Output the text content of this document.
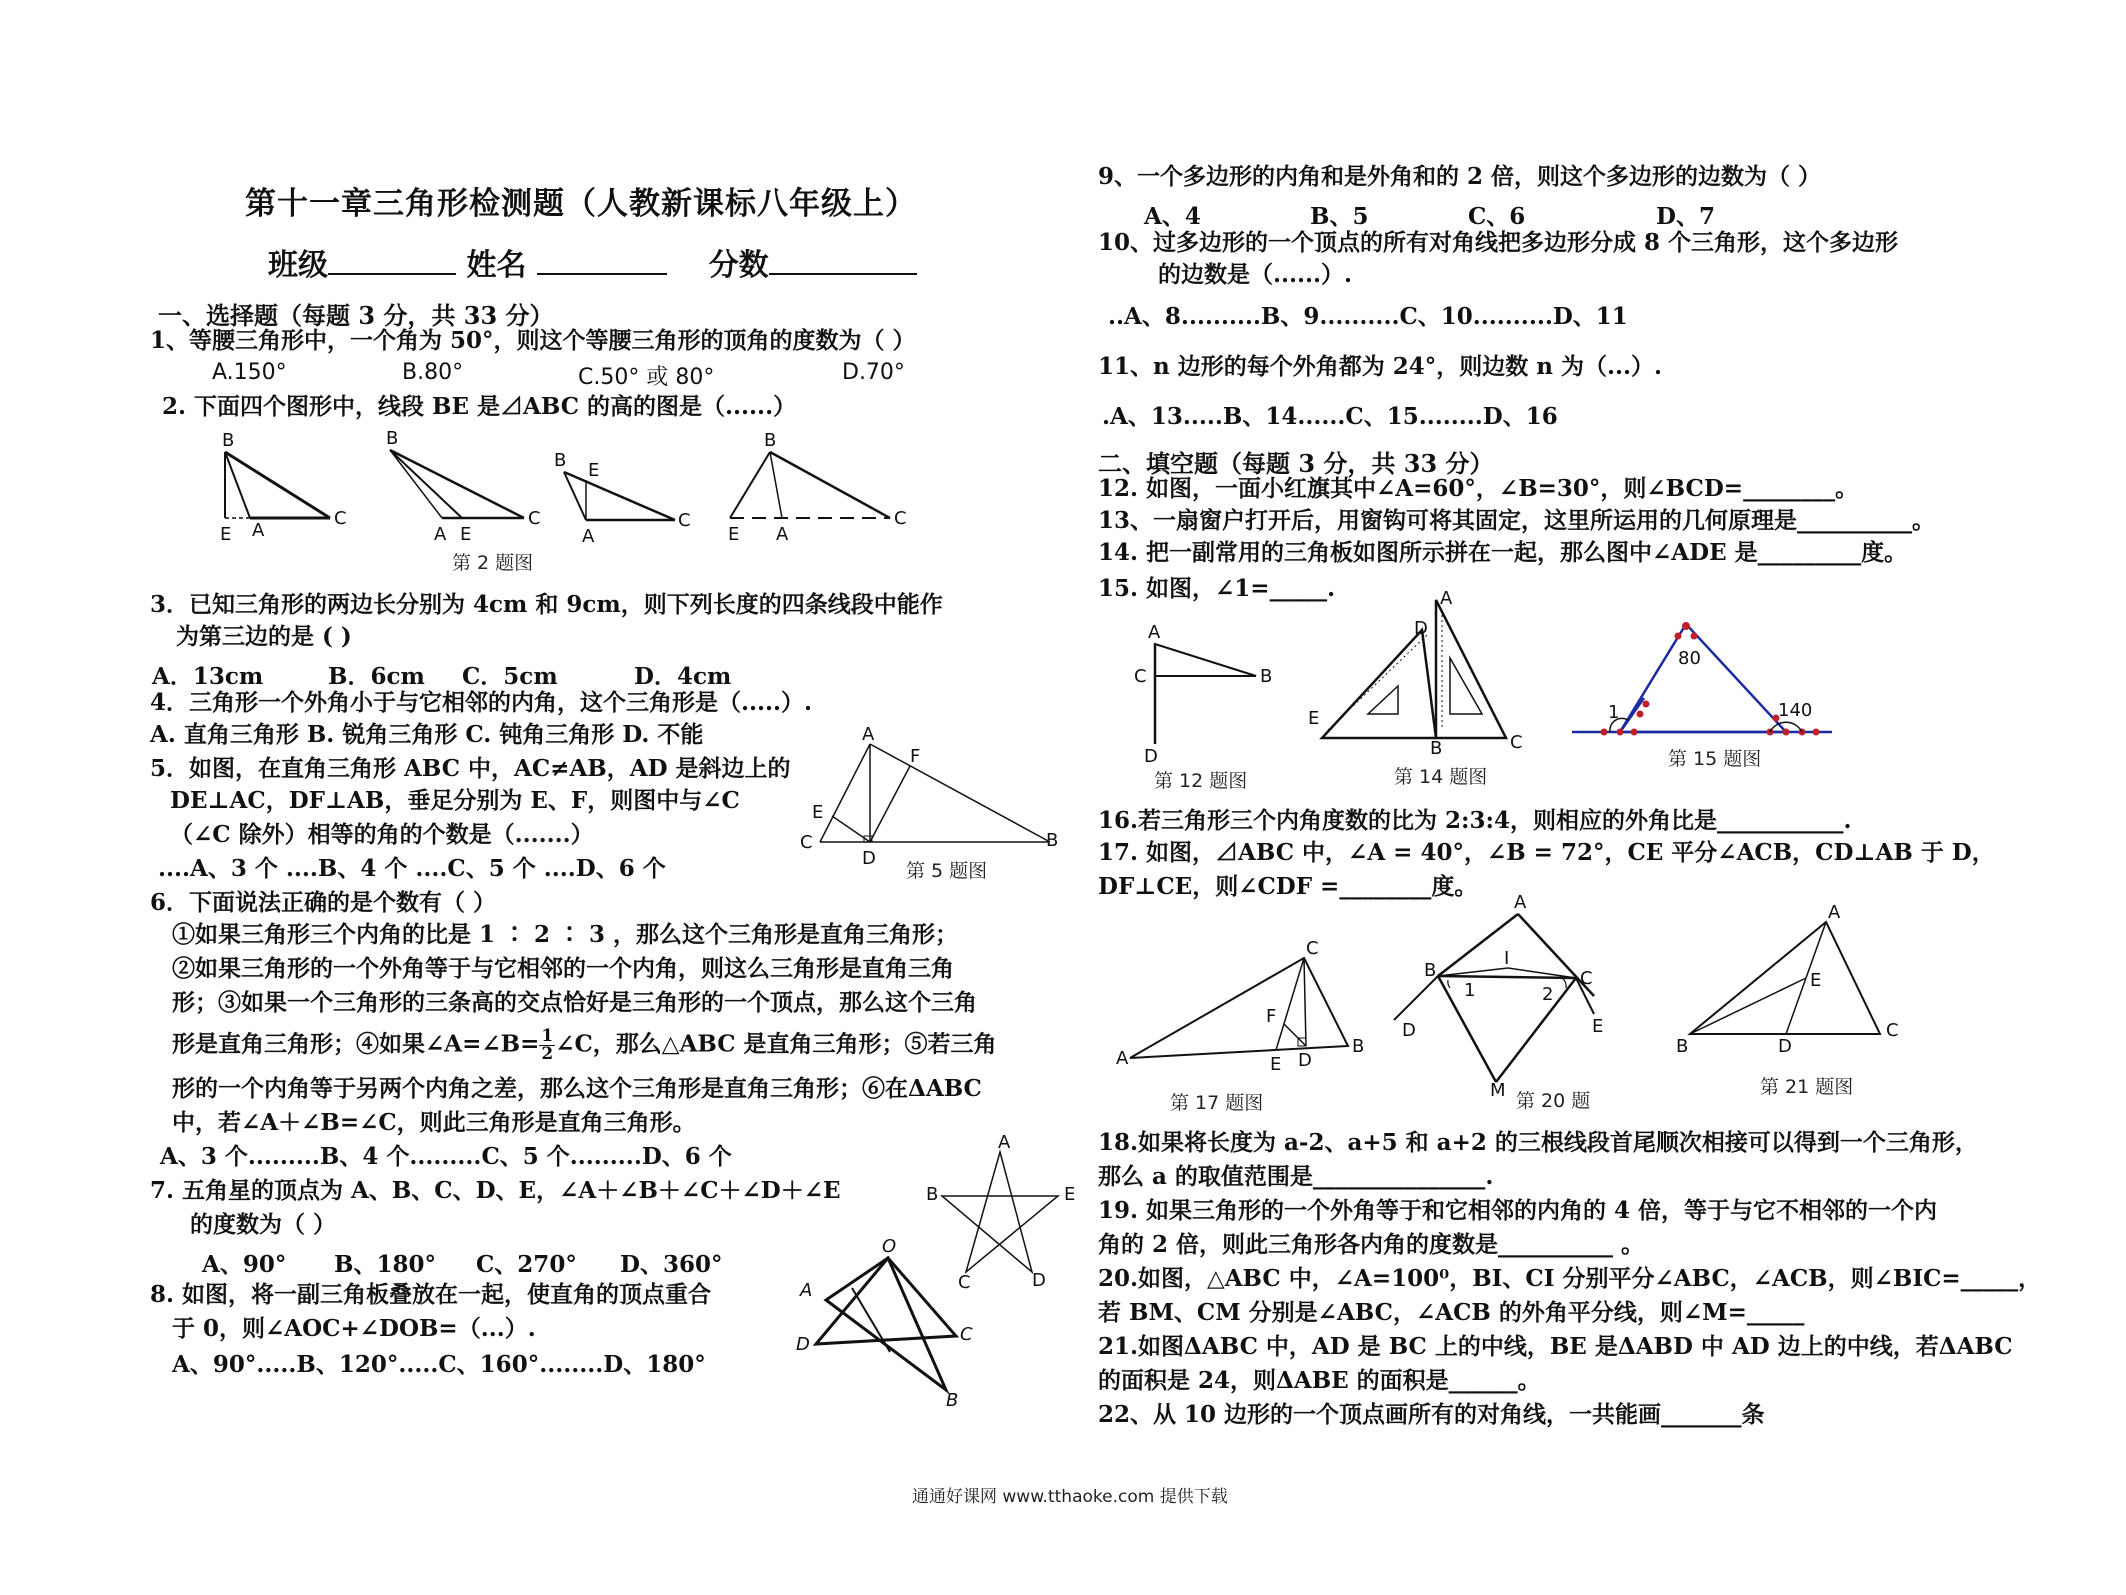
第十一章三角形检测题（人教新课标八年级上）
班级	姓名	分数
一、选择题（每题 3 分，共 33 分）
1、等腰三角形中，一个角为 50°，则这个等腰三角形的顶角的度数为（ ）
A.150°	B.80°	C.50° 或 80°	D.70°
2. 下面四个图形中，线段 BE 是⊿ABC 的高的图是（......）
B
E A
C
B
A E
C
B E
A
C
B
E A
C
第 2 题图
3．已知三角形的两边长分别为 4cm 和 9cm，则下列长度的四条线段中能作
为第三边的是 ( )
A．13cm	B．6cm C．5cm	D．4cm
4．三角形一个外角小于与它相邻的内角，这个三角形是（.....）.
A. 直角三角形 B. 锐角三角形 C. 钝角三角形 D. 不能
5．如图，在直角三角形 ABC 中，AC≠AB，AD 是斜边上的
DE⊥AC，DF⊥AB，垂足分别为 E、F，则图中与∠C
（∠C 除外）相等的角的个数是（.......）
....A、3 个 ....B、4 个 ....C、5 个 ....D、6 个
A
F
E
C
D
B
第 5 题图
6．下面说法正确的是个数有（ ）
①如果三角形三个内角的比是 1 ∶ 2 ∶ 3 ，那么这个三角形是直角三角形；
②如果三角形的一个外角等于与它相邻的一个内角，则这么三角形是直角三角
形；③如果一个三角形的三条高的交点恰好是三角形的一个顶点，那么这个三角
形是直角三角形；④如果∠A=∠B= $\frac{1}{2}$ ∠C，那么△ABC 是直角三角形；⑤若三角
形的一个内角等于另两个内角之差，那么这个三角形是直角三角形；⑥在ΔABC
中，若∠A＋∠B=∠C，则此三角形是直角三角形。
A、3 个.........B、4 个.........C、5 个.........D、6 个
7. 五角星的顶点为 A、B、C、D、E，∠A＋∠B＋∠C＋∠D＋∠E
的度数为（ ）
A、90° B、180° C、270° D、360°
A
B	E
C	D
8. 如图，将一副三角板叠放在一起，使直角的顶点重合
于 0，则∠AOC+∠DOB=（...）.
A、90°.....B、120°.....C、160°........D、180°
O
A
D	C
B
9、一个多边形的内角和是外角和的 2 倍，则这个多边形的边数为（ ）
A、4	B、5	C、6	D、7
10、过多边形的一个顶点的所有对角线把多边形分成 8 个三角形，这个多边形
的边数是（......）.
..A、8..........B、9..........C、10..........D、11
11、n 边形的每个外角都为 24°，则边数 n 为（...）.
.A、13.....B、14......C、15........D、16
二、填空题（每题 3 分，共 33 分）
12. 如图，一面小红旗其中∠A=60°，∠B=30°，则∠BCD=________。
13、一扇窗户打开后，用窗钩可将其固定，这里所运用的几何原理是__________。
14. 把一副常用的三角板如图所示拼在一起，那么图中∠ADE 是_________度。
15. 如图，∠1=_____.
A
C	B
D
第 12 题图
A
D
E
B	C
第 14 题图
80
140
1
第 15 题图
16.若三角形三个内角度数的比为 2:3:4，则相应的外角比是___________.
17. 如图，⊿ABC 中，∠A = 40°，∠B = 72°，CE 平分∠ACB，CD⊥AB 于 D，
DF⊥CE，则∠CDF =________度。
C
A
B
F
E D
第 17 题图
A
B	C
I
1	2
D	E
M 第 20 题
A
B
C
D
E
第 21 题图
18.如果将长度为 a-2、a+5 和 a+2 的三根线段首尾顺次相接可以得到一个三角形，
那么 a 的取值范围是_______________.
19. 如果三角形的一个外角等于和它相邻的内角的 4 倍，等于与它不相邻的一个内
角的 2 倍，则此三角形各内角的度数是__________ 。
20.如图，△ABC 中，∠A=100⁰，BI、CI 分别平分∠ABC，∠ACB，则∠BIC=_____，
若 BM、CM 分别是∠ABC，∠ACB 的外角平分线，则∠M=_____
21.如图ΔABC 中，AD 是 BC 上的中线，BE 是ΔABD 中 AD 边上的中线，若ΔABC
的面积是 24，则ΔABE 的面积是______。
22、从 10 边形的一个顶点画所有的对角线，一共能画_______条
通通好课网 www.tthaoke.com 提供下载
